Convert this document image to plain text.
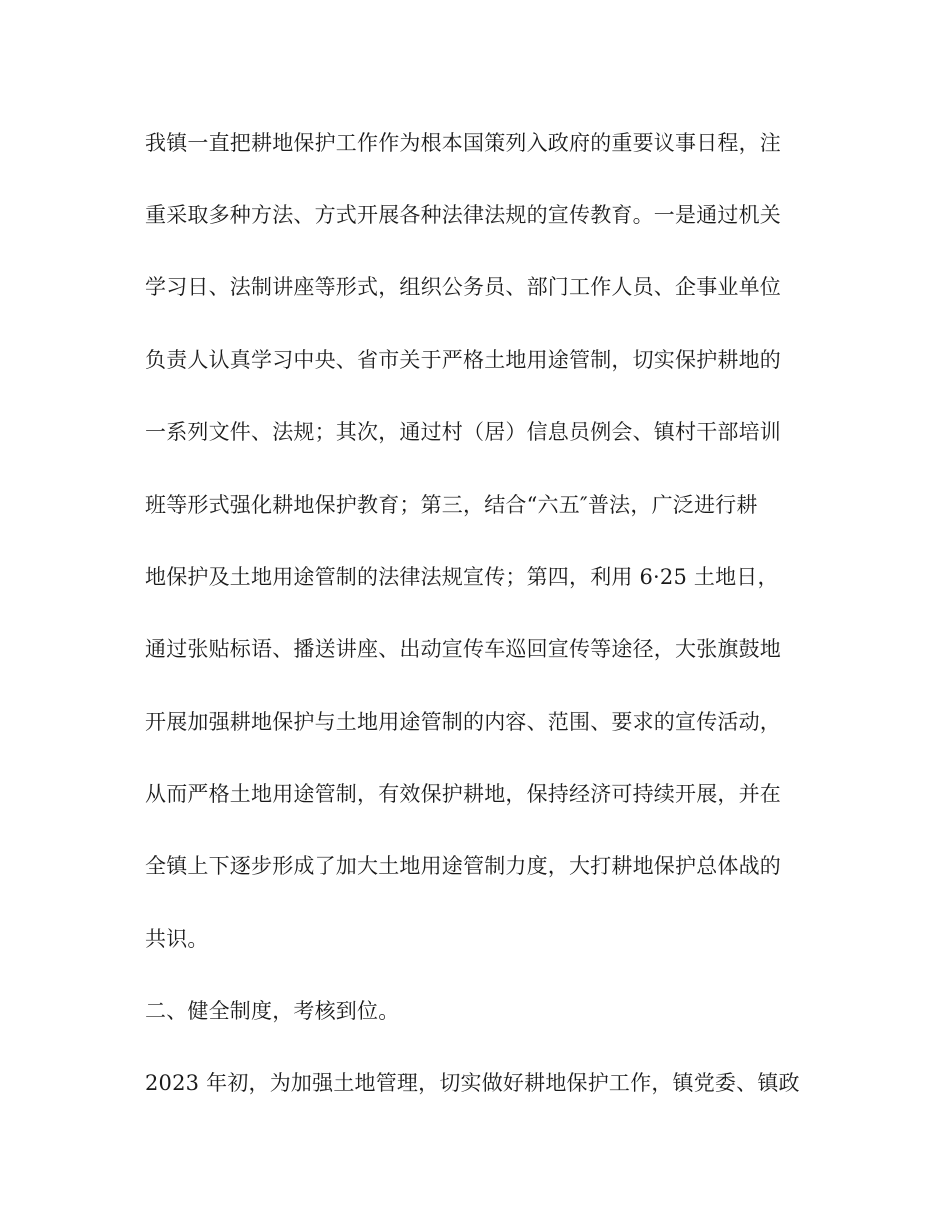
我镇一直把耕地保护工作作为根本国策列入政府的重要议事日程，注
重采取多种方法、方式开展各种法律法规的宣传教育。一是通过机关
学习日、法制讲座等形式，组织公务员、部门工作人员、企事业单位
负责人认真学习中央、省市关于严格土地用途管制，切实保护耕地的
一系列文件、法规；其次，通过村（居）信息员例会、镇村干部培训
班等形式强化耕地保护教育；第三，结合“六五″普法，广泛进行耕
地保护及土地用途管制的法律法规宣传；第四，利用 6·25 土地日，
通过张贴标语、播送讲座、出动宣传车巡回宣传等途径，大张旗鼓地
开展加强耕地保护与土地用途管制的内容、范围、要求的宣传活动，
从而严格土地用途管制，有效保护耕地，保持经济可持续开展，并在
全镇上下逐步形成了加大土地用途管制力度，大打耕地保护总体战的
共识。
二、健全制度，考核到位。
2023 年初，为加强土地管理，切实做好耕地保护工作，镇党委、镇政
